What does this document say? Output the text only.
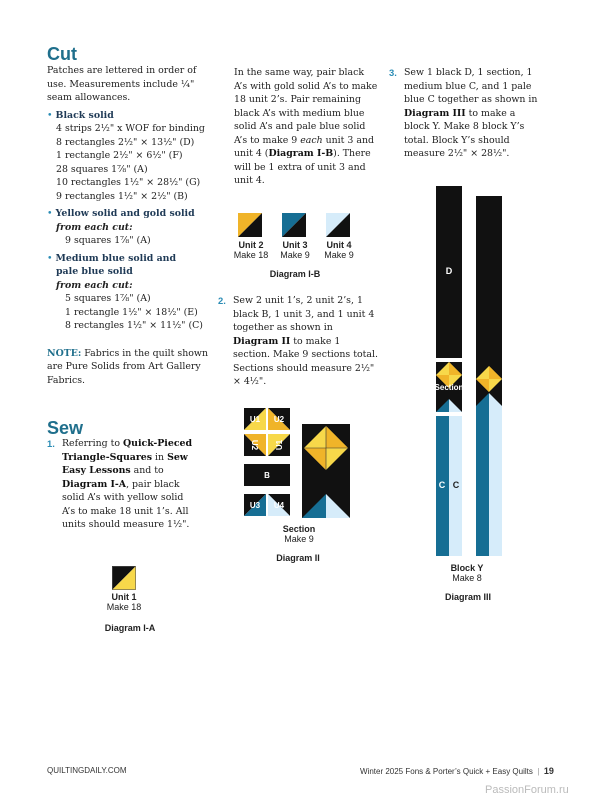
Cut

Patches are lettered in order of use. Measurements include ¼" seam allowances.

• Black solid

4 strips 2½" x WOF for binding

8 rectangles 2½" × 13½" (D)

1 rectangle 2½" × 6½" (F)

28 squares 1⅞" (A)

10 rectangles 1½" × 28½" (G)

9 rectangles 1½" × 2½" (B)

• Yellow solid and gold solid

from each cut:

9 squares 1⅞" (A)

• Medium blue solid and

pale blue solid

from each cut:

5 squares 1⅞" (A)

1 rectangle 1½" × 18½" (E)

8 rectangles 1½" × 11½" (C)

NOTE: Fabrics in the quilt shown are Pure Solids from Art Gallery Fabrics.

Sew
1. Referring to Quick-Pieced Triangle-Squares in Sew Easy Lessons and to Diagram I-A, pair black solid A’s with yellow solid A’s to make 18 unit 1’s. All units should measure 1½".

Unit 1
Make 18
Diagram I-A

In the same way, pair black A’s with gold solid A’s to make 18 unit 2’s. Pair remaining black A’s with medium blue solid A’s and pale blue solid A’s to make 9 each unit 3 and unit 4 (Diagram I-B). There will be 1 extra of unit 3 and unit 4.

Unit 2
Make 18
Unit 3
Make 9
Unit 4
Make 9
Diagram I-B
2. Sew 2 unit 1’s, 2 unit 2’s, 1 black B, 1 unit 3, and 1 unit 4 together as shown in Diagram II to make 1 section. Make 9 sections total. Sections should measure 2½" × 4½".

U1 U2
U2 U1
B
U3 U4
Section
Make 9
Diagram II
3. Sew 1 black D, 1 section, 1 medium blue C, and 1 pale blue C together as shown in Diagram III to make a block Y. Make 8 block Y’s total. Block Y’s should measure 2½" × 28½".

D
Section
C C
Block Y
Make 8
Diagram III
QUILTINGDAILY.COM	Winter 2025 Fons & Porter’s Quick + Easy Quilts  |  19
PassionForum.ru
